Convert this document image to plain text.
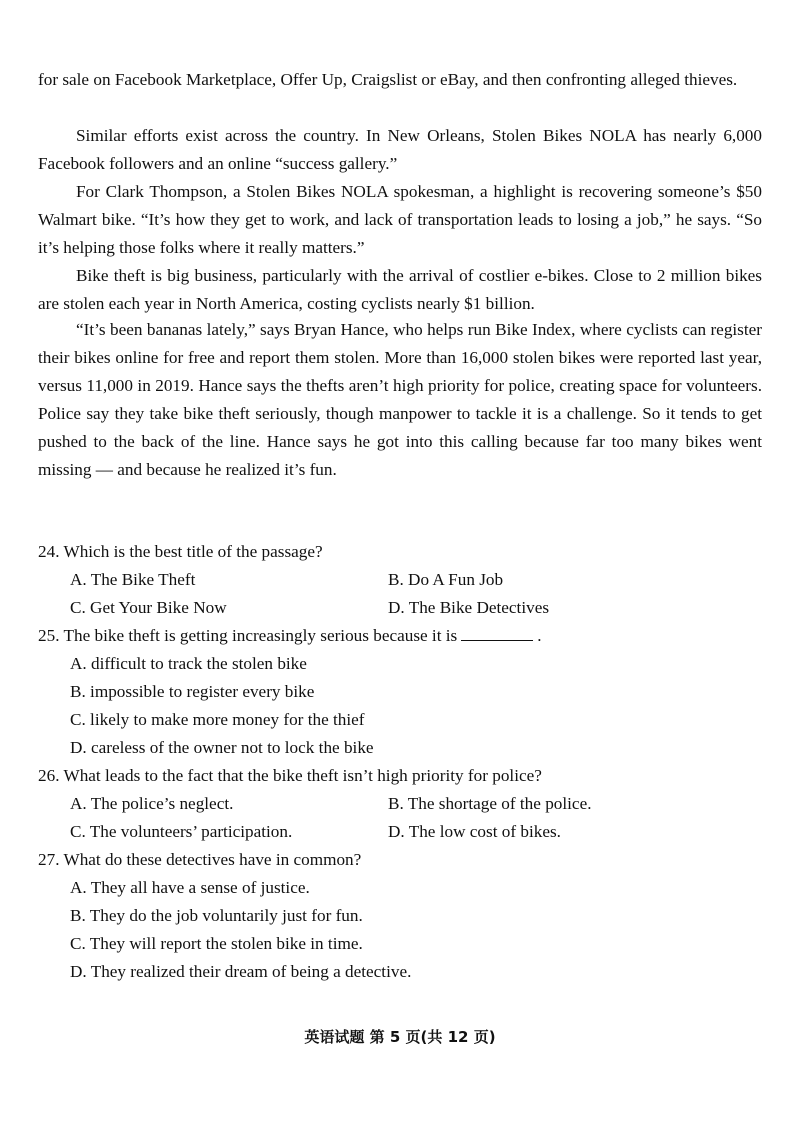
for sale on Facebook Marketplace, Offer Up, Craigslist or eBay, and then confronting alleged thieves.

Similar efforts exist across the country. In New Orleans, Stolen Bikes NOLA has nearly 6,000 Facebook followers and an online “success gallery.”

For Clark Thompson, a Stolen Bikes NOLA spokesman, a highlight is recovering someone’s $50 Walmart bike. “It’s how they get to work, and lack of transportation leads to losing a job,” he says. “So it’s helping those folks where it really matters.”

Bike theft is big business, particularly with the arrival of costlier e-bikes. Close to 2 million bikes are stolen each year in North America, costing cyclists nearly $1 billion.

“It’s been bananas lately,” says Bryan Hance, who helps run Bike Index, where cyclists can register their bikes online for free and report them stolen. More than 16,000 stolen bikes were reported last year, versus 11,000 in 2019. Hance says the thefts aren’t high priority for police, creating space for volunteers. Police say they take bike theft seriously, though manpower to tackle it is a challenge. So it tends to get pushed to the back of the line. Hance says he got into this calling because far too many bikes went missing — and because he realized it’s fun.

24. Which is the best title of the passage?

A. The Bike Theft	B. Do A Fun Job

C. Get Your Bike Now	D. The Bike Detectives

25. The bike theft is getting increasingly serious because it is	.

A. difficult to track the stolen bike

B. impossible to register every bike

C. likely to make more money for the thief

D. careless of the owner not to lock the bike

26. What leads to the fact that the bike theft isn’t high priority for police?

A. The police’s neglect.	B. The shortage of the police.

C. The volunteers’ participation.	D. The low cost of bikes.

27. What do these detectives have in common?

A. They all have a sense of justice.

B. They do the job voluntarily just for fun.

C. They will report the stolen bike in time.

D. They realized their dream of being a detective.

英语试题 第 5 页(共 12 页)
